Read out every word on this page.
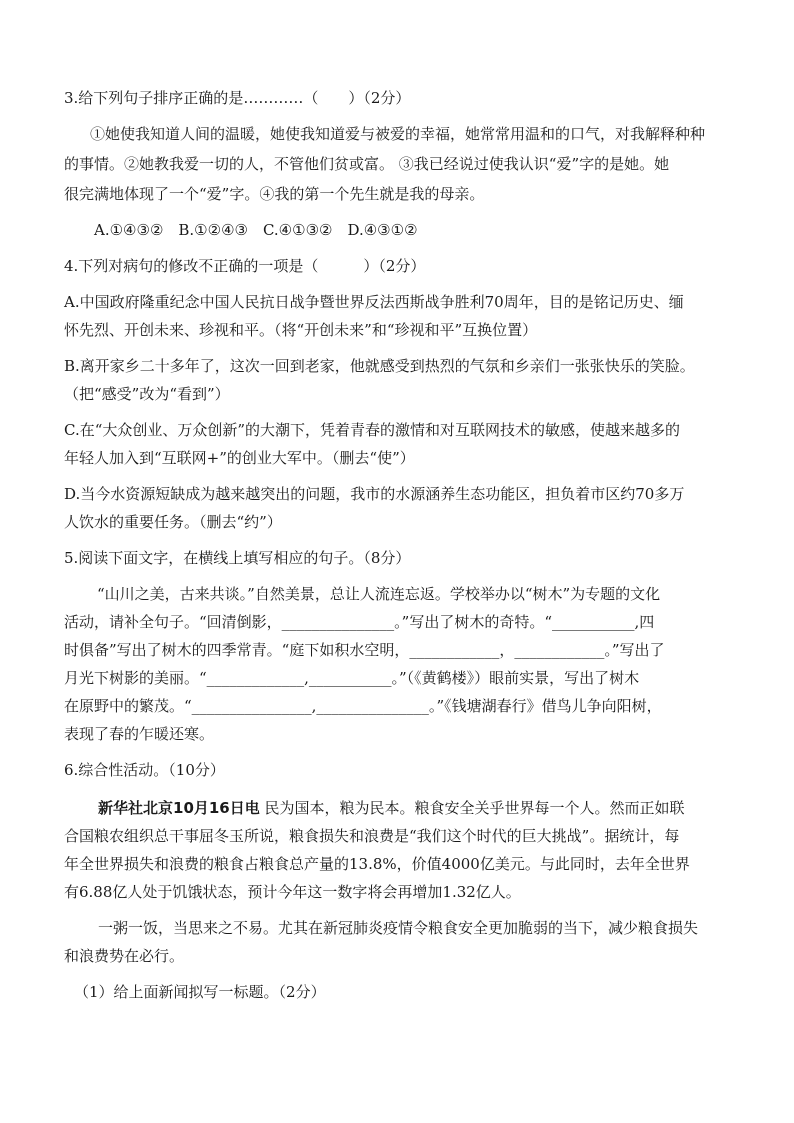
3.给下列句子排序正确的是…………（　　）（2分）
①她使我知道人间的温暖，她使我知道爱与被爱的幸福，她常常用温和的口气，对我解释种种
的事情。②她教我爱一切的人，不管他们贫或富。 ③我已经说过使我认识“爱”字的是她。她
很完满地体现了一个“爱”字。④我的第一个先生就是我的母亲。
A.①④③②　B.①②④③　C.④①③②　D.④③①②
4.下列对病句的修改不正确的一项是（　　　）（2分）
A.中国政府隆重纪念中国人民抗日战争暨世界反法西斯战争胜利70周年，目的是铭记历史、缅
怀先烈、开创未来、珍视和平。（将“开创未来”和“珍视和平”互换位置）
B.离开家乡二十多年了，这次一回到老家，他就感受到热烈的气氛和乡亲们一张张快乐的笑脸。
（把“感受”改为“看到”）
C.在“大众创业、万众创新”的大潮下，凭着青春的激情和对互联网技术的敏感，使越来越多的
年轻人加入到“互联网+”的创业大军中。（删去“使”）
D.当今水资源短缺成为越来越突出的问题，我市的水源涵养生态功能区，担负着市区约70多万
人饮水的重要任务。（删去“约”）
5.阅读下面文字，在横线上填写相应的句子。（8分）
“山川之美，古来共谈。”自然美景，总让人流连忘返。学校举办以“树木”为专题的文化
活动，请补全句子。“回清倒影，_______________。”写出了树木的奇特。“___________,四
时俱备”写出了树木的四季常青。“庭下如积水空明，____________，____________。”写出了
月光下树影的美丽。“_____________,___________。”（《黄鹤楼》）眼前实景，写出了树木
在原野中的繁茂。“________________,_______________。”《钱塘湖春行》借鸟儿争向阳树，
表现了春的乍暖还寒。
6.综合性活动。（10分）
新华社北京10月16日电 民为国本，粮为民本。粮食安全关乎世界每一个人。然而正如联
合国粮农组织总干事屈冬玉所说，粮食损失和浪费是“我们这个时代的巨大挑战”。据统计，每
年全世界损失和浪费的粮食占粮食总产量的13.8%，价值4000亿美元。与此同时，去年全世界
有6.88亿人处于饥饿状态，预计今年这一数字将会再增加1.32亿人。
一粥一饭，当思来之不易。尤其在新冠肺炎疫情令粮食安全更加脆弱的当下，减少粮食损失
和浪费势在必行。
（1）给上面新闻拟写一标题。（2分）
